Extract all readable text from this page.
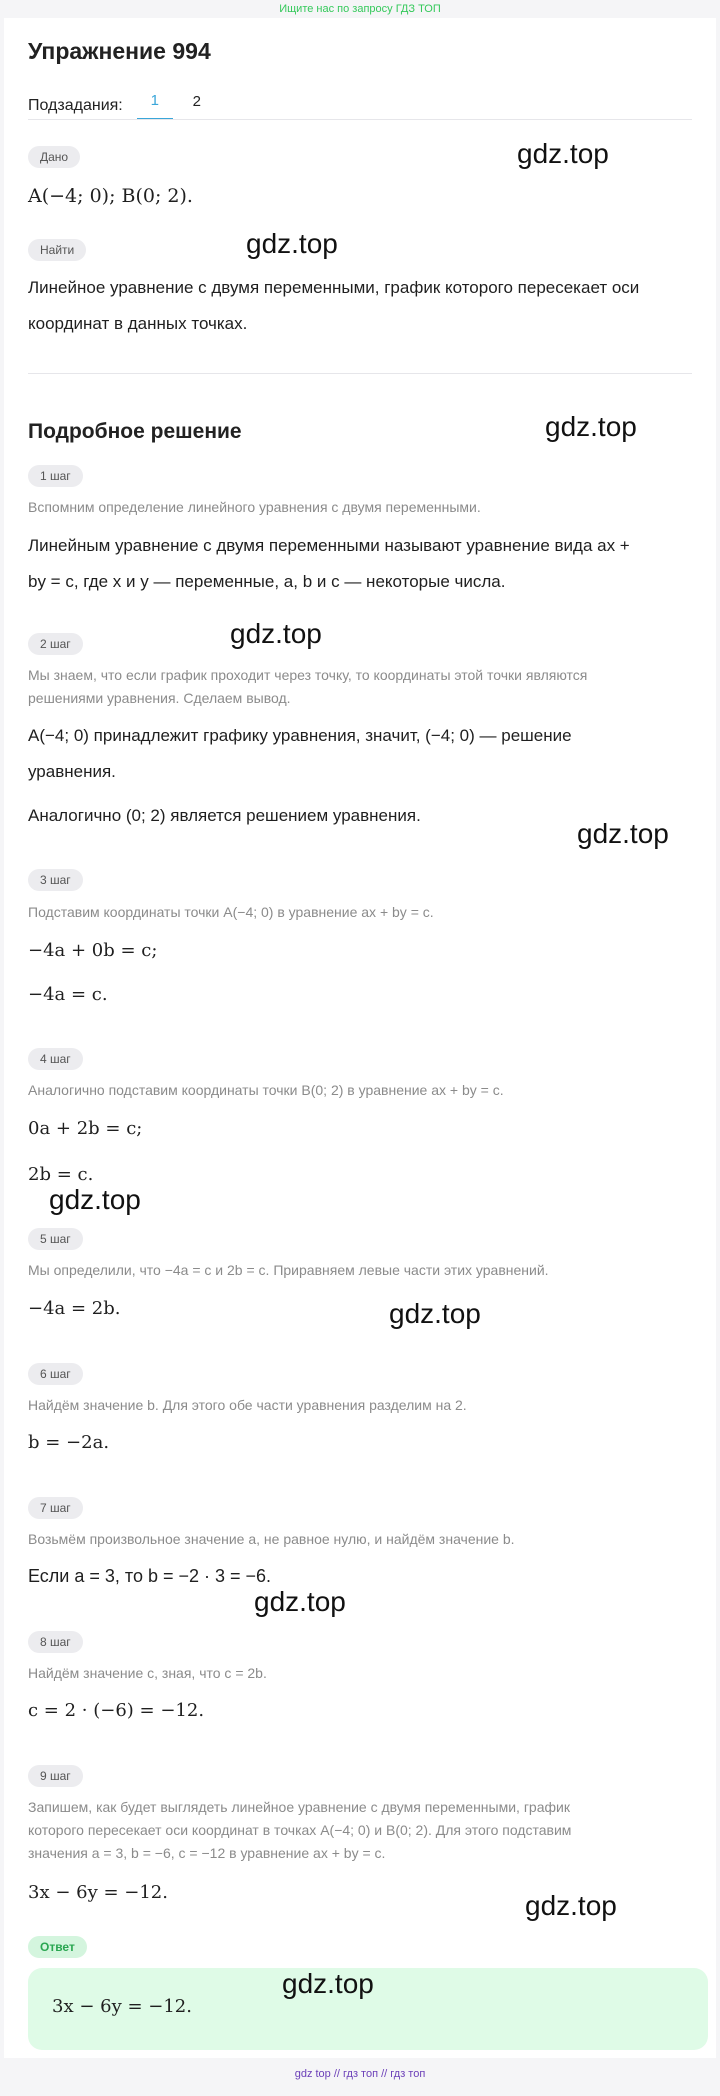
Ищите нас по запросу ГДЗ ТОП
Упражнение 994
Подзадания:	1	2
Дано
A(−4; 0); B(0; 2).
Найти
Линейное уравнение с двумя переменными, график которого пересекает оси
координат в данных точках.
Подробное решение
1 шаг
Вспомним определение линейного уравнения с двумя переменными.
Линейным уравнение с двумя переменными называют уравнение вида ax +
by = c, где x и y — переменные, a, b и c — некоторые числа.
2 шаг
Мы знаем, что если график проходит через точку, то координаты этой точки являются
решениями уравнения. Сделаем вывод.
A(−4; 0) принадлежит графику уравнения, значит, (−4; 0) — решение
уравнения.
Аналогично (0; 2) является решением уравнения.
3 шаг
Подставим координаты точки A(−4; 0) в уравнение ax + by = c.
−4a + 0b = c;
−4a = c.
4 шаг
Аналогично подставим координаты точки B(0; 2) в уравнение ax + by = c.
0a + 2b = c;
2b = c.
5 шаг
Мы определили, что −4a = c и 2b = c. Приравняем левые части этих уравнений.
−4a = 2b.
6 шаг
Найдём значение b. Для этого обе части уравнения разделим на 2.
b = −2a.
7 шаг
Возьмём произвольное значение a, не равное нулю, и найдём значение b.
Если a = 3, то b = −2 · 3 = −6.
8 шаг
Найдём значение c, зная, что c = 2b.
c = 2 · (−6) = −12.
9 шаг
Запишем, как будет выглядеть линейное уравнение с двумя переменными, график
которого пересекает оси координат в точках A(−4; 0) и B(0; 2). Для этого подставим
значения a = 3, b = −6, c = −12 в уравнение ax + by = c.
3x − 6y = −12.
Ответ
3x − 6y = −12.
gdz.top
gdz.top
gdz.top
gdz.top
gdz.top
gdz.top
gdz.top
gdz.top
gdz.top
gdz.top
gdz top // гдз топ // гдз топ
